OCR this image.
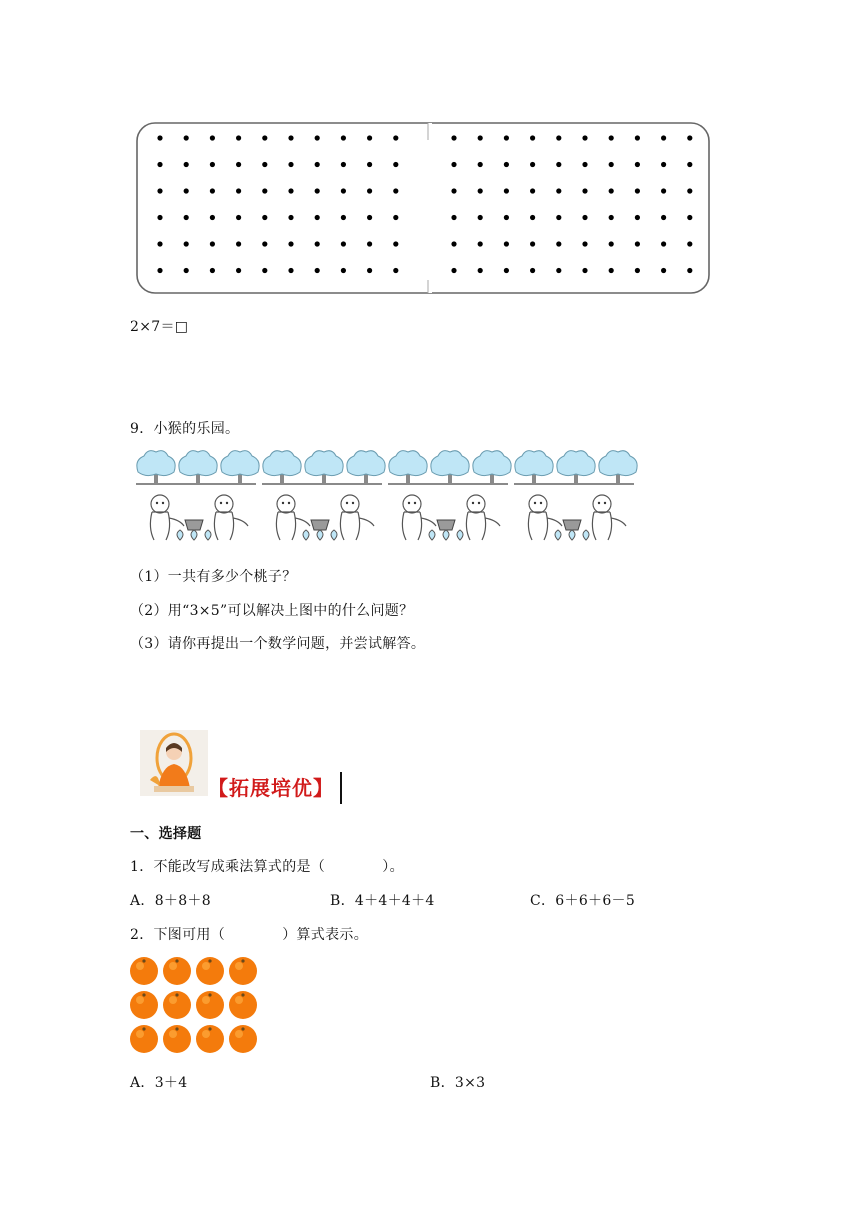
2×7＝□
9．小猴的乐园。
（1）一共有多少个桃子？
（2）用“3×5”可以解决上图中的什么问题？
（3）请你再提出一个数学问题，并尝试解答。
【拓展培优】
一、选择题
1．不能改写成乘法算式的是（　　　　）。
A．8＋8＋8	B．4＋4＋4＋4	C．6＋6＋6－5
2．下图可用（　　　　）算式表示。
A．3＋4	B．3×3
